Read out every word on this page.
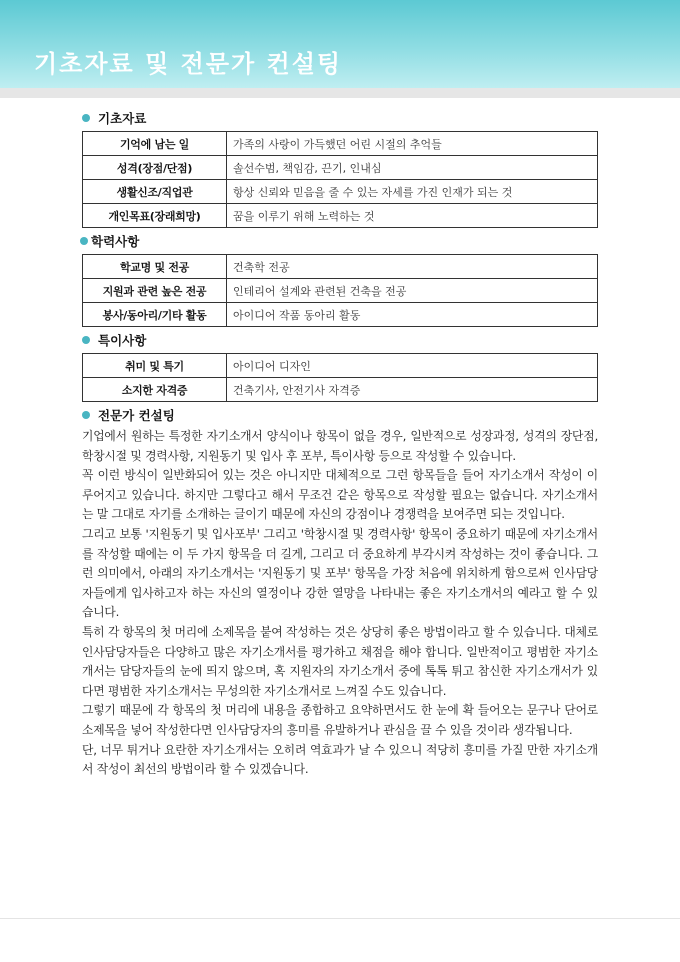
기초자료 및 전문가 컨설팅
기초자료
기억에 남는 일	가족의 사랑이 가득했던 어린 시절의 추억들
성격(장점/단점)	솔선수범, 책임감, 끈기, 인내심
생활신조/직업관	항상 신뢰와 믿음을 줄 수 있는 자세를 가진 인재가 되는 것
개인목표(장래희망)	꿈을 이루기 위해 노력하는 것
학력사항
학교명 및 전공	건축학 전공
지원과 관련 높은 전공	인테리어 설계와 관련된 건축을 전공
봉사/동아리/기타 활동	아이디어 작품 동아리 활동
특이사항
취미 및 특기	아이디어 디자인
소지한 자격증	건축기사, 안전기사 자격증
전문가 컨설팅

기업에서 원하는 특정한 자기소개서 양식이나 항목이 없을 경우, 일반적으로 성장과정, 성격의 장단점, 학창시절 및 경력사항, 지원동기 및 입사 후 포부, 특이사항 등으로 작성할 수 있습니다.

꼭 이런 방식이 일반화되어 있는 것은 아니지만 대체적으로 그런 항목들을 들어 자기소개서 작성이 이루어지고 있습니다. 하지만 그렇다고 해서 무조건 같은 항목으로 작성할 필요는 없습니다. 자기소개서는 말 그대로 자기를 소개하는 글이기 때문에 자신의 강점이나 경쟁력을 보여주면 되는 것입니다.

그리고 보통 '지원동기 및 입사포부' 그리고 '학창시절 및 경력사항' 항목이 중요하기 때문에 자기소개서를 작성할 때에는 이 두 가지 항목을 더 길게, 그리고 더 중요하게 부각시켜 작성하는 것이 좋습니다. 그런 의미에서, 아래의 자기소개서는 '지원동기 및 포부' 항목을 가장 처음에 위치하게 함으로써 인사담당자들에게 입사하고자 하는 자신의 열정이나 강한 열망을 나타내는 좋은 자기소개서의 예라고 할 수 있습니다.

특히 각 항목의 첫 머리에 소제목을 붙여 작성하는 것은 상당히 좋은 방법이라고 할 수 있습니다. 대체로 인사담당자들은 다양하고 많은 자기소개서를 평가하고 채점을 해야 합니다. 일반적이고 평범한 자기소개서는 담당자들의 눈에 띄지 않으며, 혹 지원자의 자기소개서 중에 톡톡 튀고 참신한 자기소개서가 있다면 평범한 자기소개서는 무성의한 자기소개서로 느껴질 수도 있습니다.

그렇기 때문에 각 항목의 첫 머리에 내용을 종합하고 요약하면서도 한 눈에 확 들어오는 문구나 단어로 소제목을 넣어 작성한다면 인사담당자의 흥미를 유발하거나 관심을 끌 수 있을 것이라 생각됩니다.

단, 너무 튀거나 요란한 자기소개서는 오히려 역효과가 날 수 있으니 적당히 흥미를 가질 만한 자기소개서 작성이 최선의 방법이라 할 수 있겠습니다.
